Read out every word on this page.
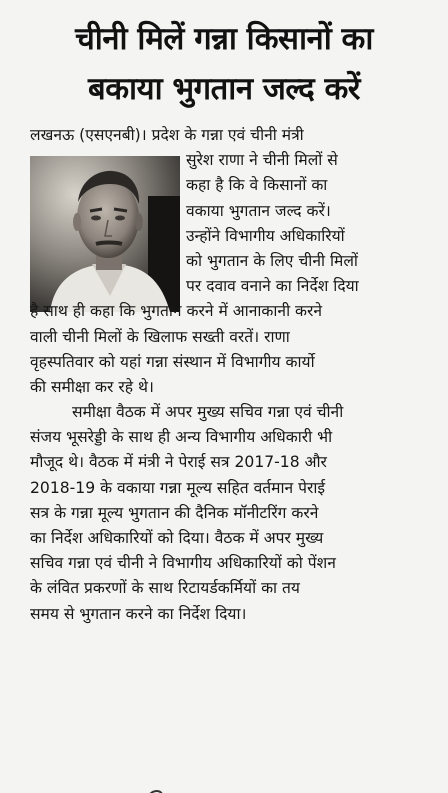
चीनी मिलें गन्ना किसानों का
बकाया भुगतान जल्द करें
लखनऊ (एसएनबी)। प्रदेश के गन्ना एवं चीनी मंत्री
सुरेश राणा ने चीनी मिलों से
कहा है कि वे किसानों का
वकाया भुगतान जल्द करें।
उन्होंने विभागीय अधिकारियों
को भुगतान के लिए चीनी मिलों
पर दवाव वनाने का निर्देश दिया
है साथ ही कहा कि भुगतान करने में आनाकानी करने
वाली चीनी मिलों के खिलाफ सख्ती वरतें। राणा
वृहस्पतिवार को यहां गन्ना संस्थान में विभागीय कार्यो
की समीक्षा कर रहे थे।
समीक्षा वैठक में अपर मुख्य सचिव गन्ना एवं चीनी
संजय भूसरेड्डी के साथ ही अन्य विभागीय अधिकारी भी
मौजूद थे। वैठक में मंत्री ने पेराई सत्र 2017-18 और
2018-19 के वकाया गन्ना मूल्य सहित वर्तमान पेराई
सत्र के गन्ना मूल्य भुगतान की दैनिक मॉनीटरिंग करने
का निर्देश अधिकारियों को दिया। वैठक में अपर मुख्य
सचिव गन्ना एवं चीनी ने विभागीय अधिकारियों को पेंशन
के लंवित प्रकरणों के साथ रिटायर्डकर्मियों का तय
समय से भुगतान करने का निर्देश दिया।
